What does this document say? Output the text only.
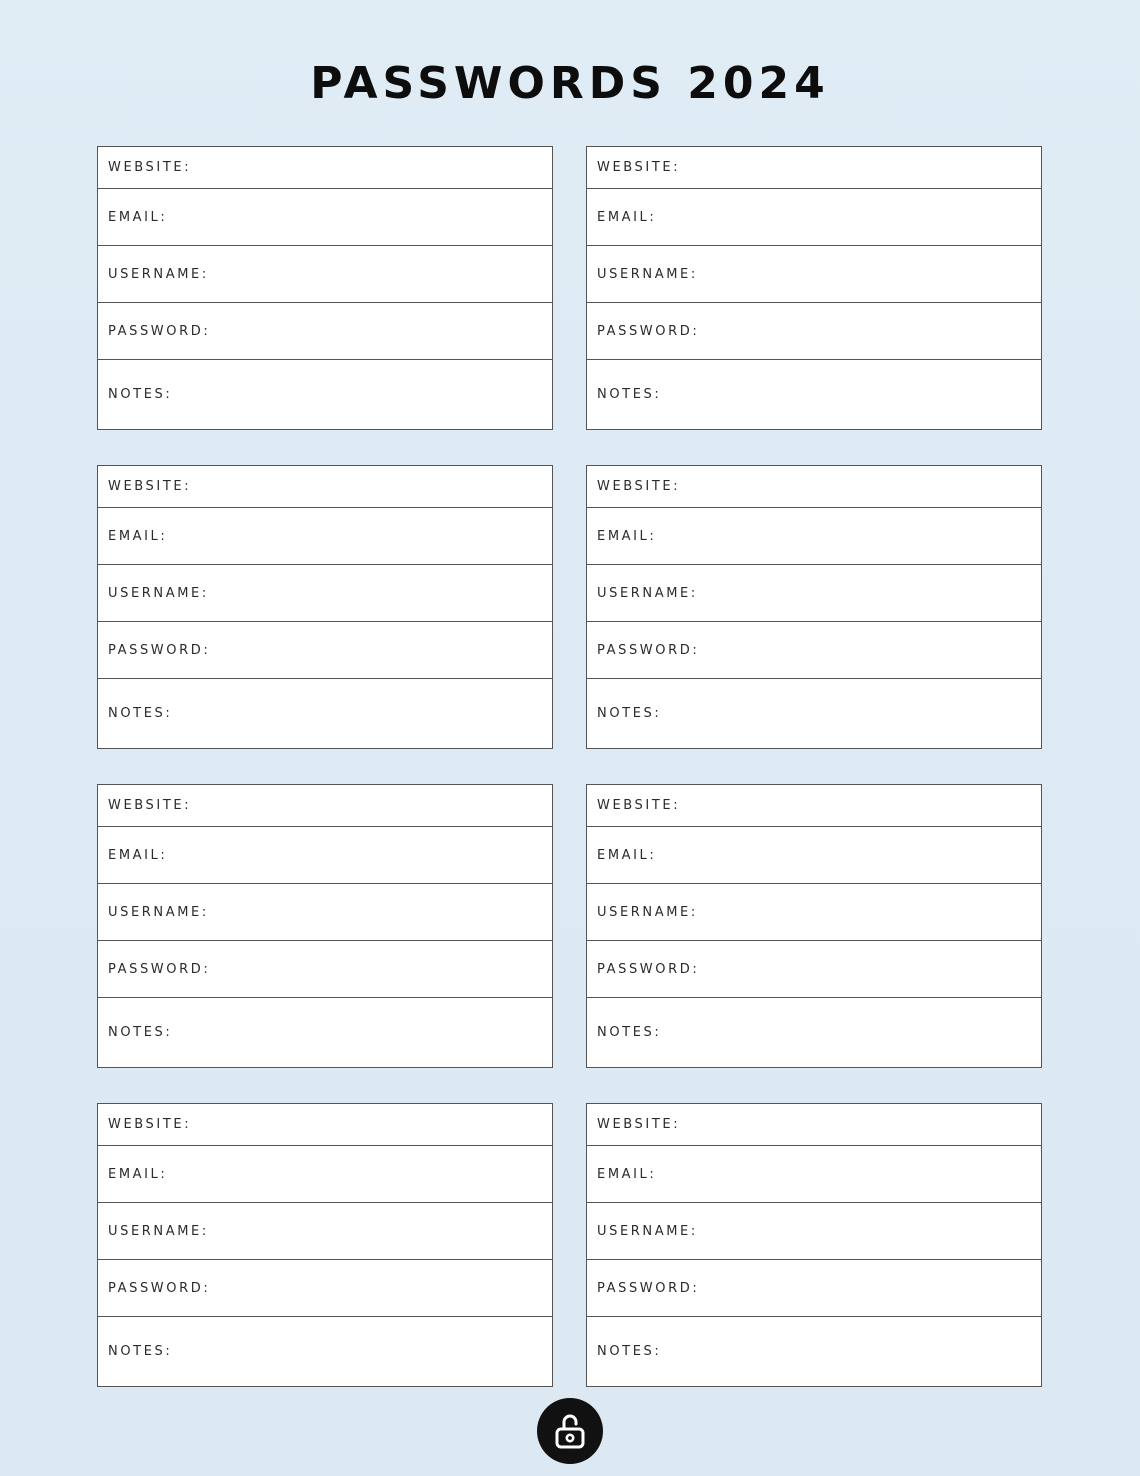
PASSWORDS 2024
WEBSITE:
EMAIL:
USERNAME:
PASSWORD:
NOTES:
WEBSITE:
EMAIL:
USERNAME:
PASSWORD:
NOTES:
WEBSITE:
EMAIL:
USERNAME:
PASSWORD:
NOTES:
WEBSITE:
EMAIL:
USERNAME:
PASSWORD:
NOTES:
WEBSITE:
EMAIL:
USERNAME:
PASSWORD:
NOTES:
WEBSITE:
EMAIL:
USERNAME:
PASSWORD:
NOTES:
WEBSITE:
EMAIL:
USERNAME:
PASSWORD:
NOTES:
WEBSITE:
EMAIL:
USERNAME:
PASSWORD:
NOTES:
